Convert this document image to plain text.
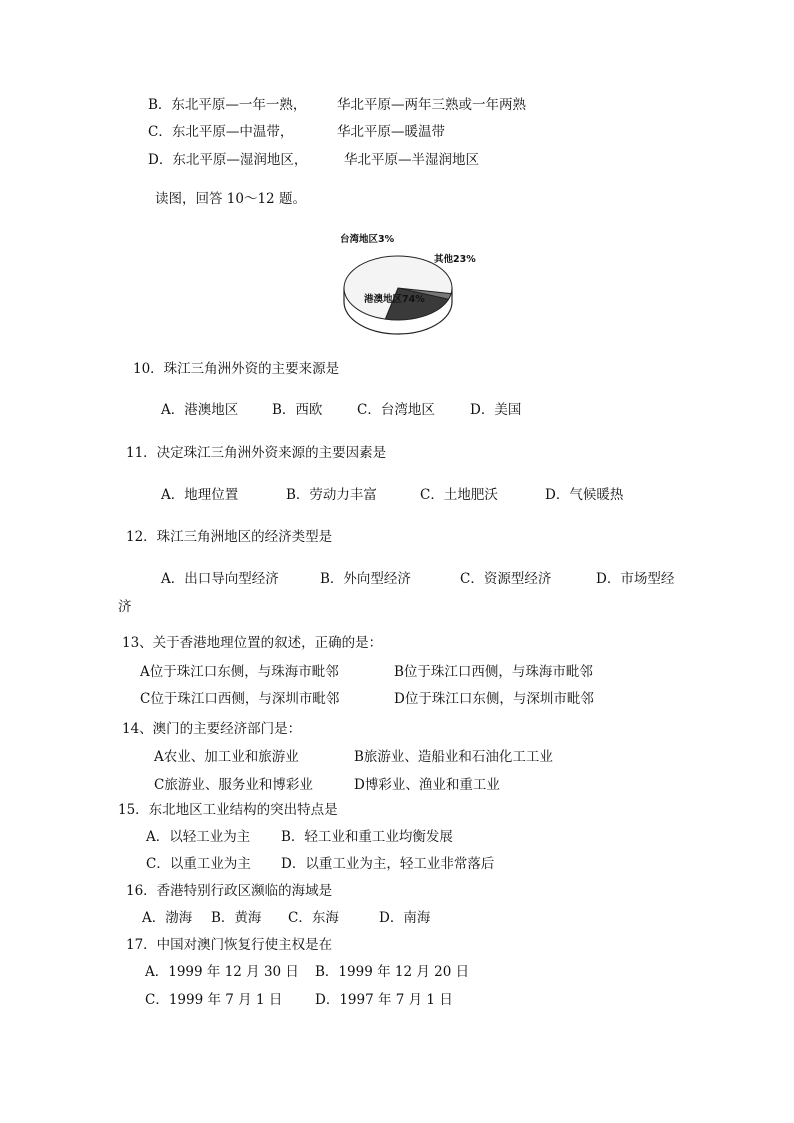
B．东北平原—一年一熟， 华北平原—两年三熟或一年两熟
C．东北平原—中温带，	华北平原—暖温带
D．东北平原—湿润地区，	华北平原—半湿润地区
读图，回答 10～12 题。
台湾地区3%
其他23%
港澳地区74%
10．珠江三角洲外资的主要来源是
A．港澳地区	B．西欧	C．台湾地区	D．美国
11．决定珠江三角洲外资来源的主要因素是
A．地理位置	B．劳动力丰富	C．土地肥沃	D．气候暖热
12．珠江三角洲地区的经济类型是
A．出口导向型经济	B．外向型经济	C．资源型经济	D．市场型经
济
13、关于香港地理位置的叙述，正确的是：
A位于珠江口东侧，与珠海市毗邻	B位于珠江口西侧，与珠海市毗邻
C位于珠江口西侧，与深圳市毗邻	D位于珠江口东侧，与深圳市毗邻
14、澳门的主要经济部门是：
A农业、加工业和旅游业	B旅游业、造船业和石油化工工业
C旅游业、服务业和博彩业	D博彩业、渔业和重工业
15．东北地区工业结构的突出特点是
A．以轻工业为主 B．轻工业和重工业均衡发展
C．以重工业为主 D．以重工业为主，轻工业非常落后
16．香港特别行政区濒临的海域是
A．渤海 B．黄海 C．东海	D．南海
17．中国对澳门恢复行使主权是在
A．1999 年 12 月 30 日 B．1999 年 12 月 20 日
C．1999 年 7 月 1 日 D．1997 年 7 月 1 日
